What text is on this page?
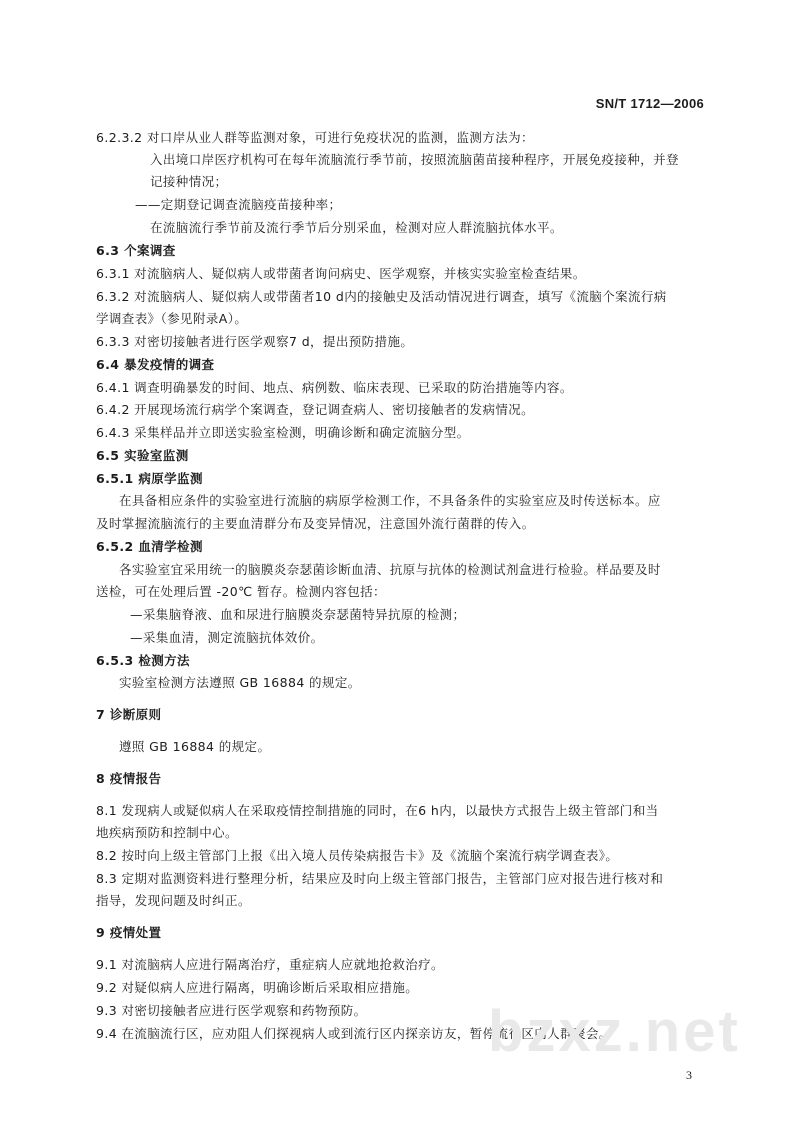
SN/T 1712—2006
6.2.3.2 对口岸从业人群等监测对象，可进行免疫状况的监测，监测方法为：
入出境口岸医疗机构可在每年流脑流行季节前，按照流脑菌苗接种程序，开展免疫接种，并登
记接种情况；
——定期登记调查流脑疫苗接种率；
在流脑流行季节前及流行季节后分别采血，检测对应人群流脑抗体水平。
6.3 个案调查
6.3.1 对流脑病人、疑似病人或带菌者询问病史、医学观察，并核实实验室检查结果。
6.3.2 对流脑病人、疑似病人或带菌者10 d内的接触史及活动情况进行调查，填写《流脑个案流行病
学调查表》（参见附录A）。
6.3.3 对密切接触者进行医学观察7 d，提出预防措施。
6.4 暴发疫情的调查
6.4.1 调查明确暴发的时间、地点、病例数、临床表现、已采取的防治措施等内容。
6.4.2 开展现场流行病学个案调查，登记调查病人、密切接触者的发病情况。
6.4.3 采集样品并立即送实验室检测，明确诊断和确定流脑分型。
6.5 实验室监测
6.5.1 病原学监测
在具备相应条件的实验室进行流脑的病原学检测工作，不具备条件的实验室应及时传送标本。应
及时掌握流脑流行的主要血清群分布及变异情况，注意国外流行菌群的传入。
6.5.2 血清学检测
各实验室宜采用统一的脑膜炎奈瑟菌诊断血清、抗原与抗体的检测试剂盒进行检验。样品要及时
送检，可在处理后置 -20℃ 暂存。检测内容包括：
—采集脑脊液、血和尿进行脑膜炎奈瑟菌特异抗原的检测；
—采集血清，测定流脑抗体效价。
6.5.3 检测方法
实验室检测方法遵照 GB 16884 的规定。
7 诊断原则
遵照 GB 16884 的规定。
8 疫情报告
8.1 发现病人或疑似病人在采取疫情控制措施的同时，在6 h内，以最快方式报告上级主管部门和当
地疾病预防和控制中心。
8.2 按时向上级主管部门上报《出入境人员传染病报告卡》及《流脑个案流行病学调查表》。
8.3 定期对监测资料进行整理分析，结果应及时向上级主管部门报告，主管部门应对报告进行核对和
指导，发现问题及时纠正。
9 疫情处置
9.1 对流脑病人应进行隔离治疗，重症病人应就地抢救治疗。
9.2 对疑似病人应进行隔离，明确诊断后采取相应措施。
9.3 对密切接触者应进行医学观察和药物预防。
9.4 在流脑流行区，应劝阻人们探视病人或到流行区内探亲访友，暂停流行区内人群聚会。
bzxz.net
3
